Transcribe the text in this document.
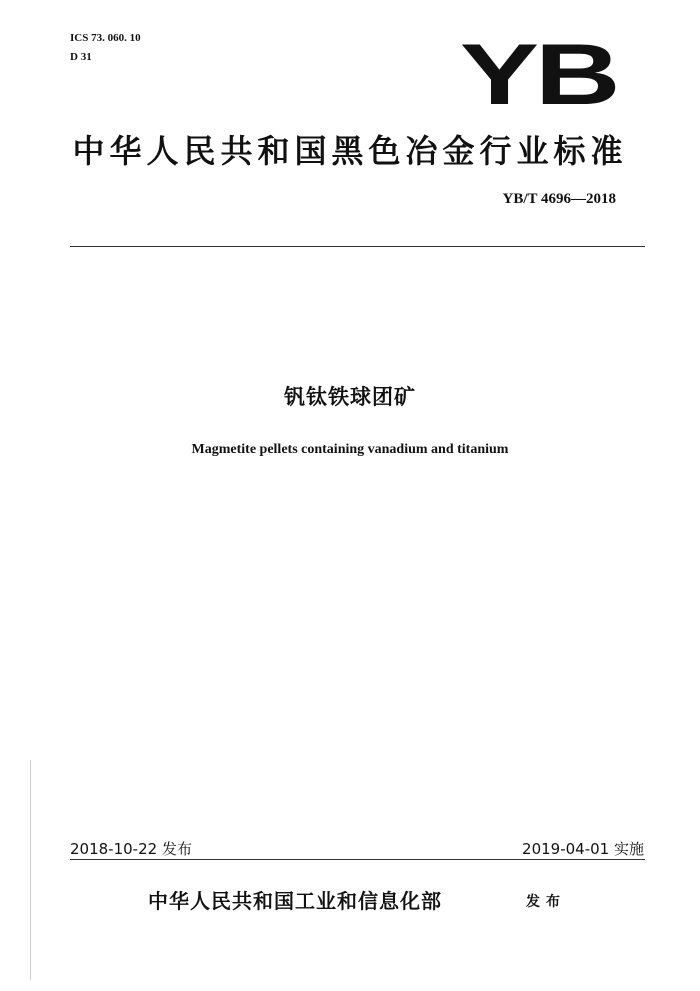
ICS 73. 060. 10
D 31	YB
中华人民共和国黑色冶金行业标准
YB/T 4696—2018
钒钛铁球团矿
Magmetite pellets containing vanadium and titanium
2018-10-22 发布	2019-04-01 实施
中华人民共和国工业和信息化部	发布
